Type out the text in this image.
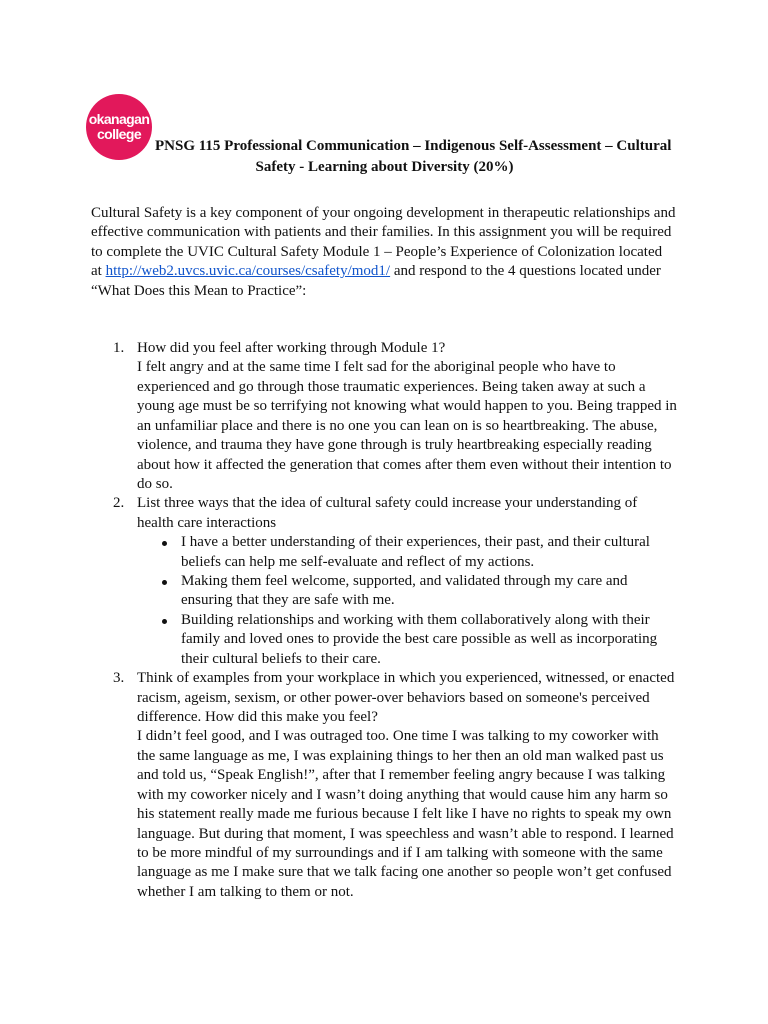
okanagan
college
PNSG 115 Professional Communication – Indigenous Self-Assessment – Cultural
Safety - Learning about Diversity (20%)
Cultural Safety is a key component of your ongoing development in therapeutic relationships and
effective communication with patients and their families. In this assignment you will be required
to complete the UVIC Cultural Safety Module 1 – People’s Experience of Colonization located
at http://web2.uvcs.uvic.ca/courses/csafety/mod1/ and respond to the 4 questions located under
“What Does this Mean to Practice”:
1. How did you feel after working through Module 1?
I felt angry and at the same time I felt sad for the aboriginal people who have to
experienced and go through those traumatic experiences. Being taken away at such a
young age must be so terrifying not knowing what would happen to you. Being trapped in
an unfamiliar place and there is no one you can lean on is so heartbreaking. The abuse,
violence, and trauma they have gone through is truly heartbreaking especially reading
about how it affected the generation that comes after them even without their intention to
do so.
2. List three ways that the idea of cultural safety could increase your understanding of
health care interactions
I have a better understanding of their experiences, their past, and their cultural
beliefs can help me self-evaluate and reflect of my actions.
Making them feel welcome, supported, and validated through my care and
ensuring that they are safe with me.
Building relationships and working with them collaboratively along with their
family and loved ones to provide the best care possible as well as incorporating
their cultural beliefs to their care.
3. Think of examples from your workplace in which you experienced, witnessed, or enacted
racism, ageism, sexism, or other power-over behaviors based on someone's perceived
difference. How did this make you feel?
I didn’t feel good, and I was outraged too. One time I was talking to my coworker with
the same language as me, I was explaining things to her then an old man walked past us
and told us, “Speak English!”, after that I remember feeling angry because I was talking
with my coworker nicely and I wasn’t doing anything that would cause him any harm so
his statement really made me furious because I felt like I have no rights to speak my own
language. But during that moment, I was speechless and wasn’t able to respond. I learned
to be more mindful of my surroundings and if I am talking with someone with the same
language as me I make sure that we talk facing one another so people won’t get confused
whether I am talking to them or not.
